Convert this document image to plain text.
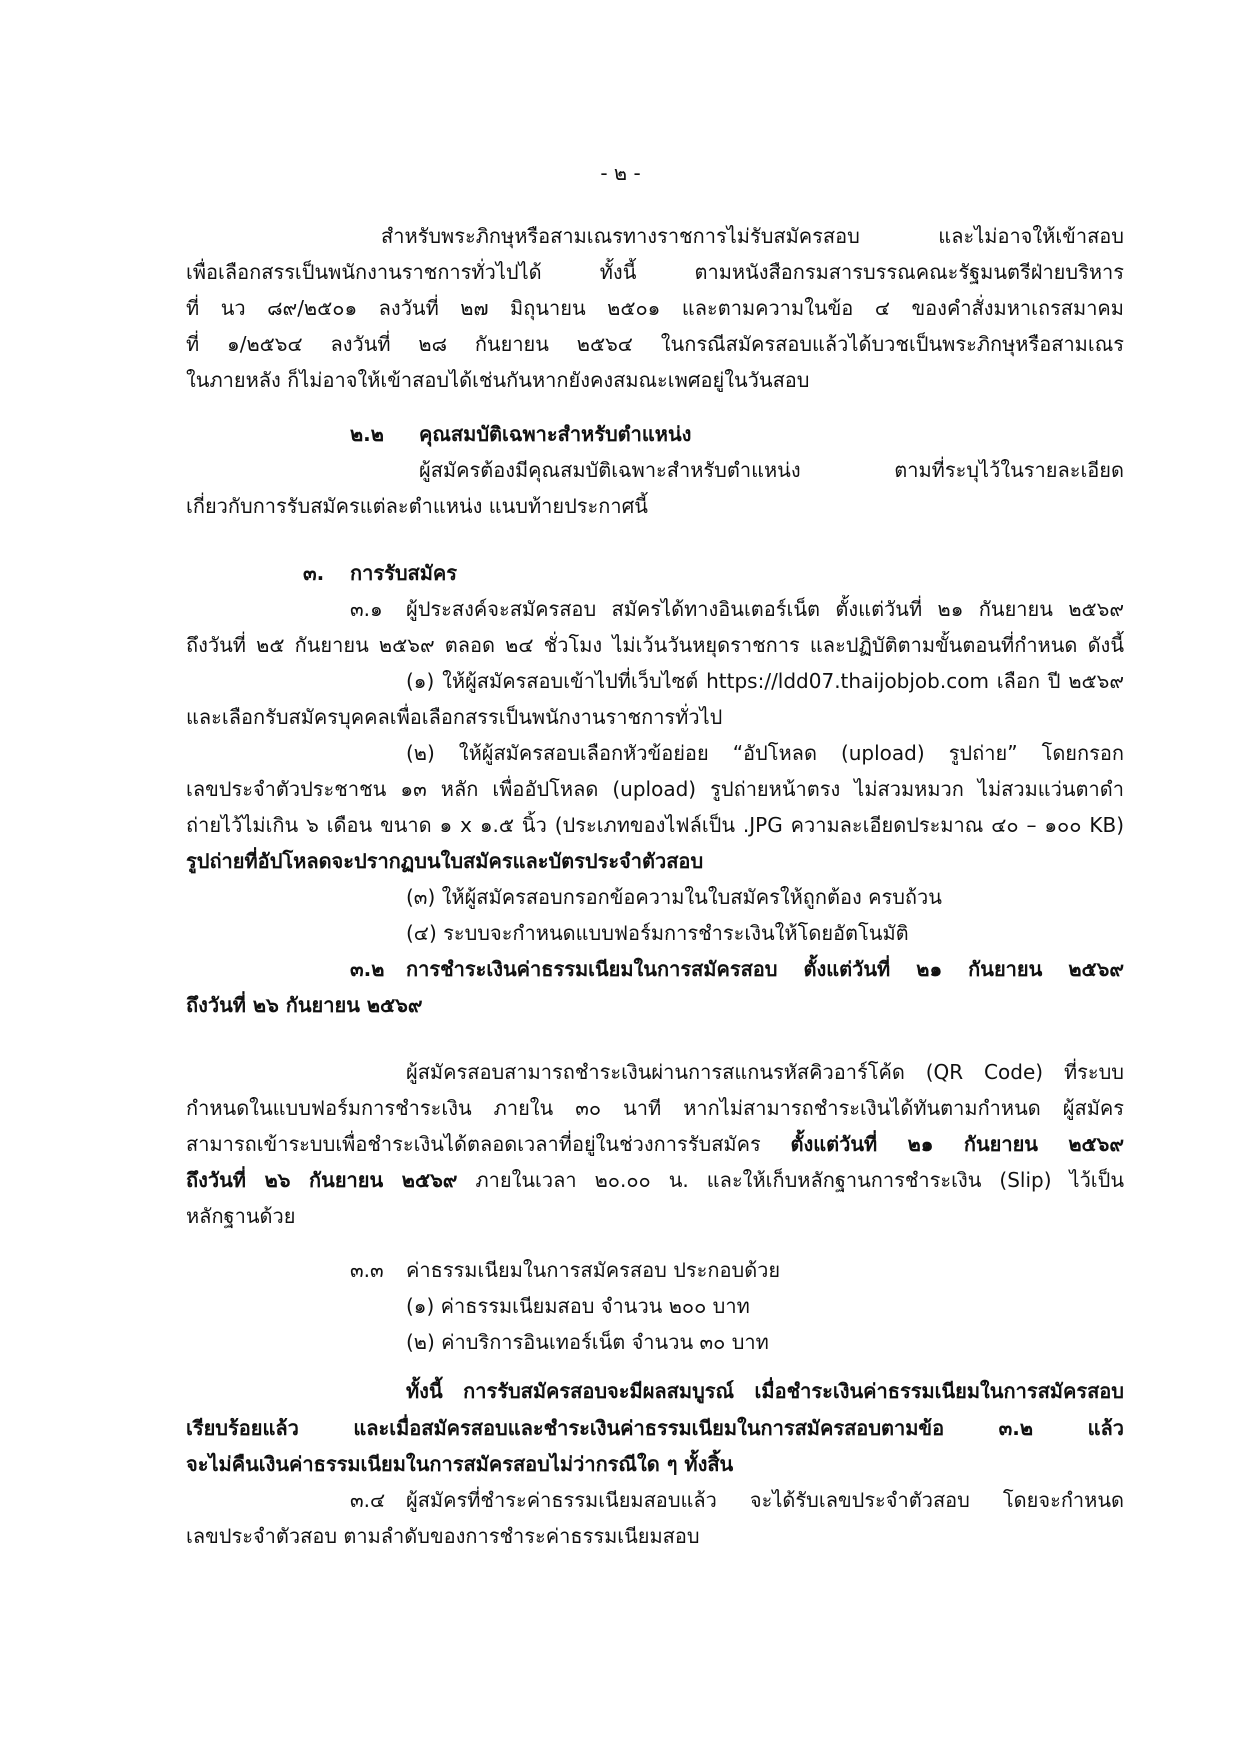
- ๒ -
สำหรับพระภิกษุหรือสามเณรทางราชการไม่รับสมัครสอบ และไม่อาจให้เข้าสอบ
เพื่อเลือกสรรเป็นพนักงานราชการทั่วไปได้ ทั้งนี้ ตามหนังสือกรมสารบรรณคณะรัฐมนตรีฝ่ายบริหาร
ที่ นว ๘๙/๒๕๐๑ ลงวันที่ ๒๗ มิถุนายน ๒๕๐๑ และตามความในข้อ ๔ ของคำสั่งมหาเถรสมาคม
ที่ ๑/๒๕๖๔ ลงวันที่ ๒๘ กันยายน ๒๕๖๔ ในกรณีสมัครสอบแล้วได้บวชเป็นพระภิกษุหรือสามเณร
ในภายหลัง ก็ไม่อาจให้เข้าสอบได้เช่นกันหากยังคงสมณะเพศอยู่ในวันสอบ
๒.๒	คุณสมบัติเฉพาะสำหรับตำแหน่ง
ผู้สมัครต้องมีคุณสมบัติเฉพาะสำหรับตำแหน่ง ตามที่ระบุไว้ในรายละเอียด
เกี่ยวกับการรับสมัครแต่ละตำแหน่ง แนบท้ายประกาศนี้
๓.	การรับสมัคร
๓.๑	ผู้ประสงค์จะสมัครสอบ สมัครได้ทางอินเตอร์เน็ต ตั้งแต่วันที่ ๒๑ กันยายน ๒๕๖๙
ถึงวันที่ ๒๕ กันยายน ๒๕๖๙ ตลอด ๒๔ ชั่วโมง ไม่เว้นวันหยุดราชการ และปฏิบัติตามขั้นตอนที่กำหนด ดังนี้
(๑) ให้ผู้สมัครสอบเข้าไปที่เว็บไซต์ https://ldd07.thaijobjob.com เลือก ปี ๒๕๖๙
และเลือกรับสมัครบุคคลเพื่อเลือกสรรเป็นพนักงานราชการทั่วไป
(๒) ให้ผู้สมัครสอบเลือกหัวข้อย่อย “อัปโหลด (upload) รูปถ่าย” โดยกรอก
เลขประจำตัวประชาชน ๑๓ หลัก เพื่ออัปโหลด (upload) รูปถ่ายหน้าตรง ไม่สวมหมวก ไม่สวมแว่นตาดำ
ถ่ายไว้ไม่เกิน ๖ เดือน ขนาด ๑ x ๑.๕ นิ้ว (ประเภทของไฟล์เป็น .JPG ความละเอียดประมาณ ๔๐ – ๑๐๐ KB)
รูปถ่ายที่อัปโหลดจะปรากฏบนใบสมัครและบัตรประจำตัวสอบ
(๓) ให้ผู้สมัครสอบกรอกข้อความในใบสมัครให้ถูกต้อง ครบถ้วน
(๔) ระบบจะกำหนดแบบฟอร์มการชำระเงินให้โดยอัตโนมัติ
๓.๒	การชำระเงินค่าธรรมเนียมในการสมัครสอบ ตั้งแต่วันที่ ๒๑ กันยายน ๒๕๖๙
ถึงวันที่ ๒๖ กันยายน ๒๕๖๙
ผู้สมัครสอบสามารถชำระเงินผ่านการสแกนรหัสคิวอาร์โค้ด (QR Code) ที่ระบบ
กำหนดในแบบฟอร์มการชำระเงิน ภายใน ๓๐ นาที หากไม่สามารถชำระเงินได้ทันตามกำหนด ผู้สมัคร
สามารถเข้าระบบเพื่อชำระเงินได้ตลอดเวลาที่อยู่ในช่วงการรับสมัคร ตั้งแต่วันที่ ๒๑ กันยายน ๒๕๖๙
ถึงวันที่ ๒๖ กันยายน ๒๕๖๙ ภายในเวลา ๒๐.๐๐ น. และให้เก็บหลักฐานการชำระเงิน (Slip) ไว้เป็น
หลักฐานด้วย
๓.๓	ค่าธรรมเนียมในการสมัครสอบ ประกอบด้วย
(๑) ค่าธรรมเนียมสอบ จำนวน ๒๐๐ บาท
(๒) ค่าบริการอินเทอร์เน็ต จำนวน ๓๐ บาท
ทั้งนี้ การรับสมัครสอบจะมีผลสมบูรณ์ เมื่อชำระเงินค่าธรรมเนียมในการสมัครสอบ
เรียบร้อยแล้ว และเมื่อสมัครสอบและชำระเงินค่าธรรมเนียมในการสมัครสอบตามข้อ ๓.๒ แล้ว
จะไม่คืนเงินค่าธรรมเนียมในการสมัครสอบไม่ว่ากรณีใด ๆ ทั้งสิ้น
๓.๔	ผู้สมัครที่ชำระค่าธรรมเนียมสอบแล้ว จะได้รับเลขประจำตัวสอบ โดยจะกำหนด
เลขประจำตัวสอบ ตามลำดับของการชำระค่าธรรมเนียมสอบ
